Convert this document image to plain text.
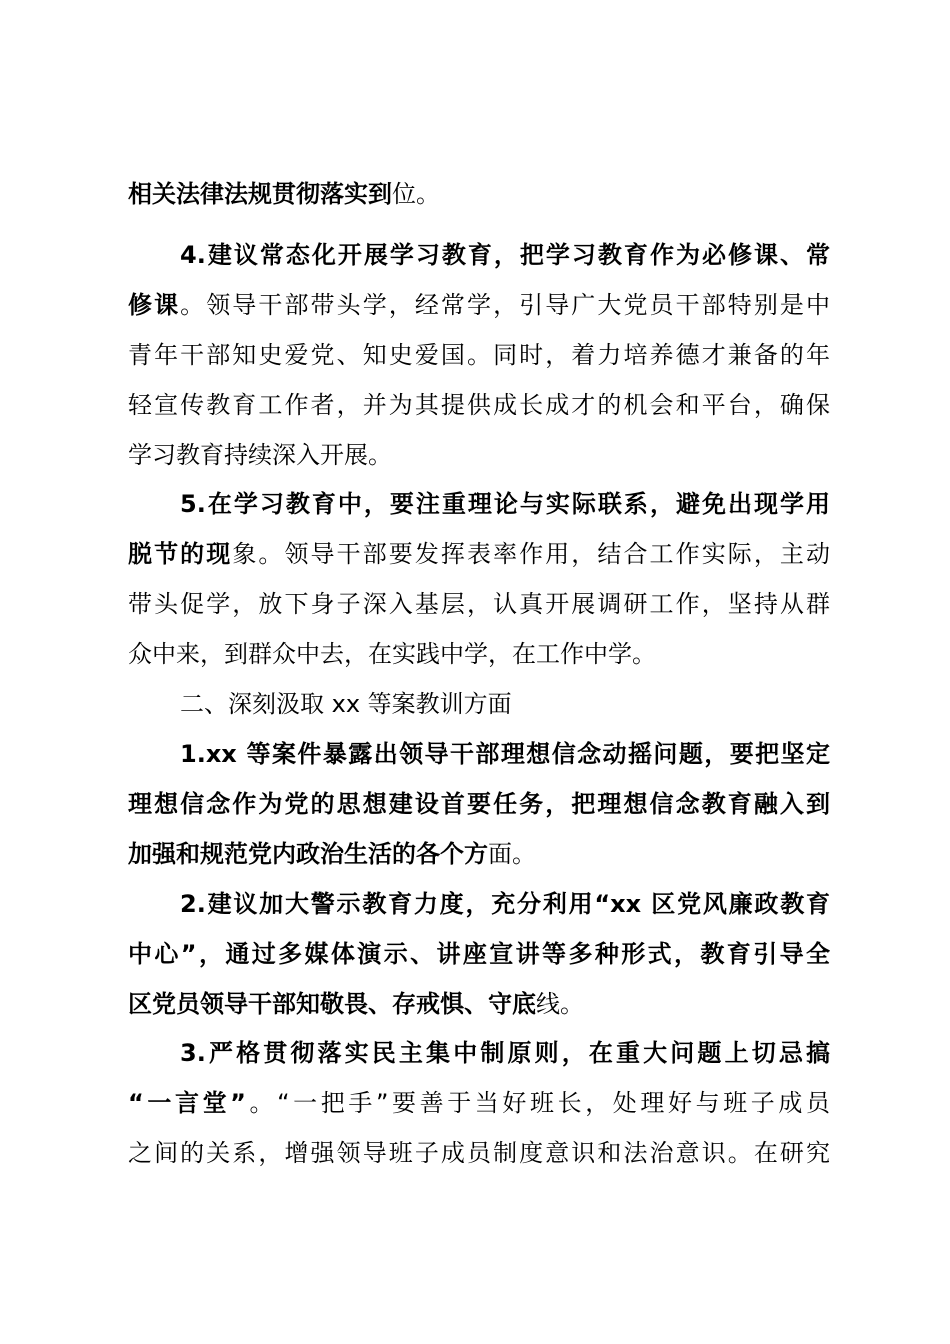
相关法律法规贯彻落实到位。
4.建议常态化开展学习教育，把学习教育作为必修课、常
修课。领导干部带头学，经常学，引导广大党员干部特别是中
青年干部知史爱党、知史爱国。同时，着力培养德才兼备的年
轻宣传教育工作者，并为其提供成长成才的机会和平台，确保
学习教育持续深入开展。
5.在学习教育中，要注重理论与实际联系，避免出现学用
脱节的现象。领导干部要发挥表率作用，结合工作实际，主动
带头促学，放下身子深入基层，认真开展调研工作，坚持从群
众中来，到群众中去，在实践中学，在工作中学。
二、深刻汲取 xx 等案教训方面
1.xx 等案件暴露出领导干部理想信念动摇问题，要把坚定
理想信念作为党的思想建设首要任务，把理想信念教育融入到
加强和规范党内政治生活的各个方面。
2.建议加大警示教育力度，充分利用“xx 区党风廉政教育
中心”，通过多媒体演示、讲座宣讲等多种形式，教育引导全
区党员领导干部知敬畏、存戒惧、守底线。
3.严格贯彻落实民主集中制原则，在重大问题上切忌搞
“一言堂”。“一把手”要善于当好班长，处理好与班子成员
之间的关系，增强领导班子成员制度意识和法治意识。在研究
